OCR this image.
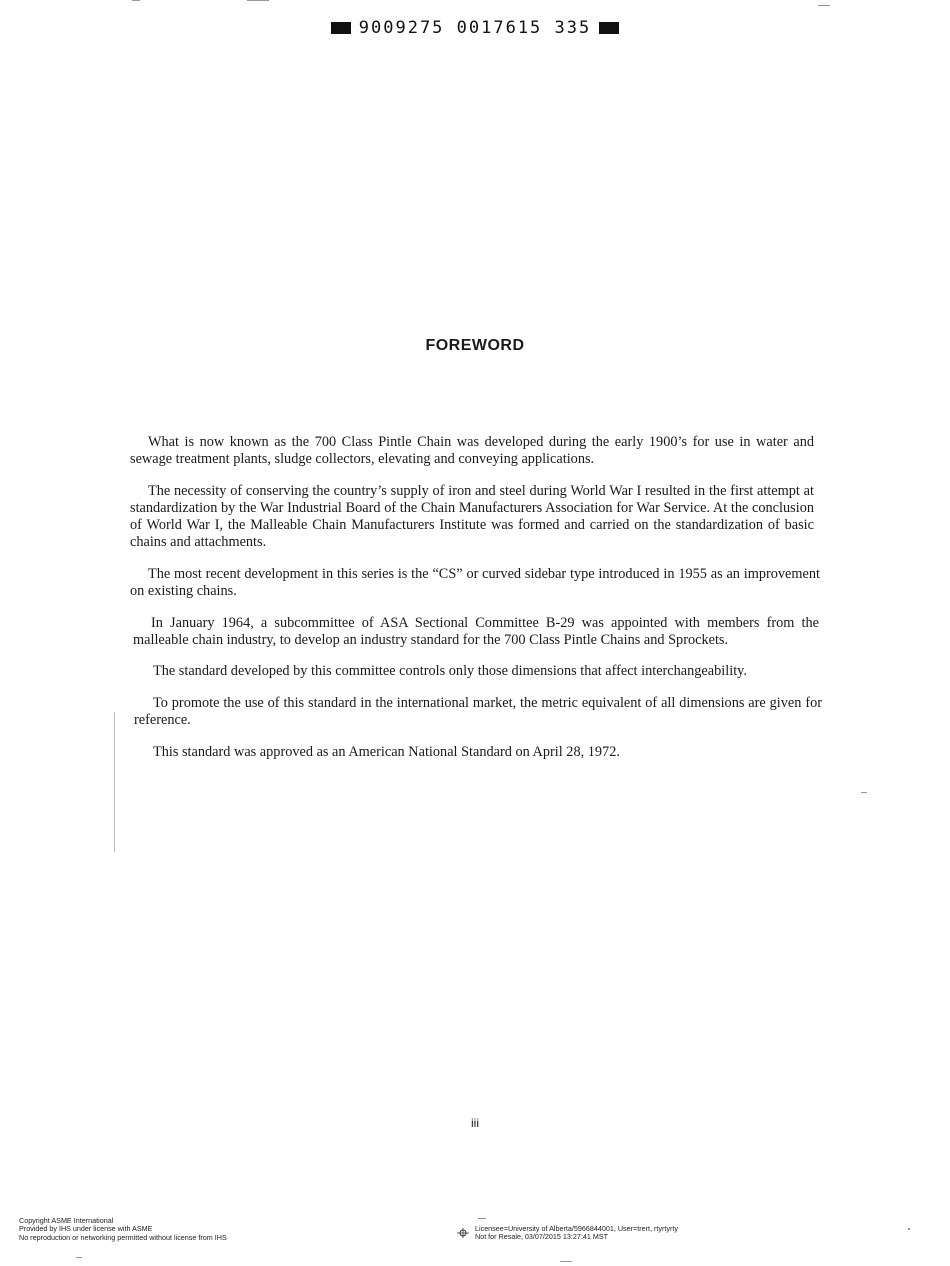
9009275 0017615 335
FOREWORD

What is now known as the 700 Class Pintle Chain was developed during the early 1900’s for use in water and sewage treatment plants, sludge collectors, elevating and conveying applications.

The necessity of conserving the country’s supply of iron and steel during World War I resulted in the first attempt at standardization by the War Industrial Board of the Chain Manufacturers Association for War Service. At the conclusion of World War I, the Malleable Chain Manufacturers Institute was formed and carried on the standardization of basic chains and attachments.

The most recent development in this series is the “CS” or curved sidebar type introduced in 1955 as an improvement on existing chains.

In January 1964, a subcommittee of ASA Sectional Committee B-29 was appointed with members from the malleable chain industry, to develop an industry standard for the 700 Class Pintle Chains and Sprockets.

The standard developed by this committee controls only those dimensions that affect interchangeability.

To promote the use of this standard in the international market, the metric equivalent of all dimensions are given for reference.

This standard was approved as an American National Standard on April 28, 1972.

iii
Copyright ASME International
Provided by IHS under license with ASME
No reproduction or networking permitted without license from IHS
Licensee=University of Alberta/5966844001, User=trert, rtyrtyrty
Not for Resale, 03/07/2015 13:27:41 MST
